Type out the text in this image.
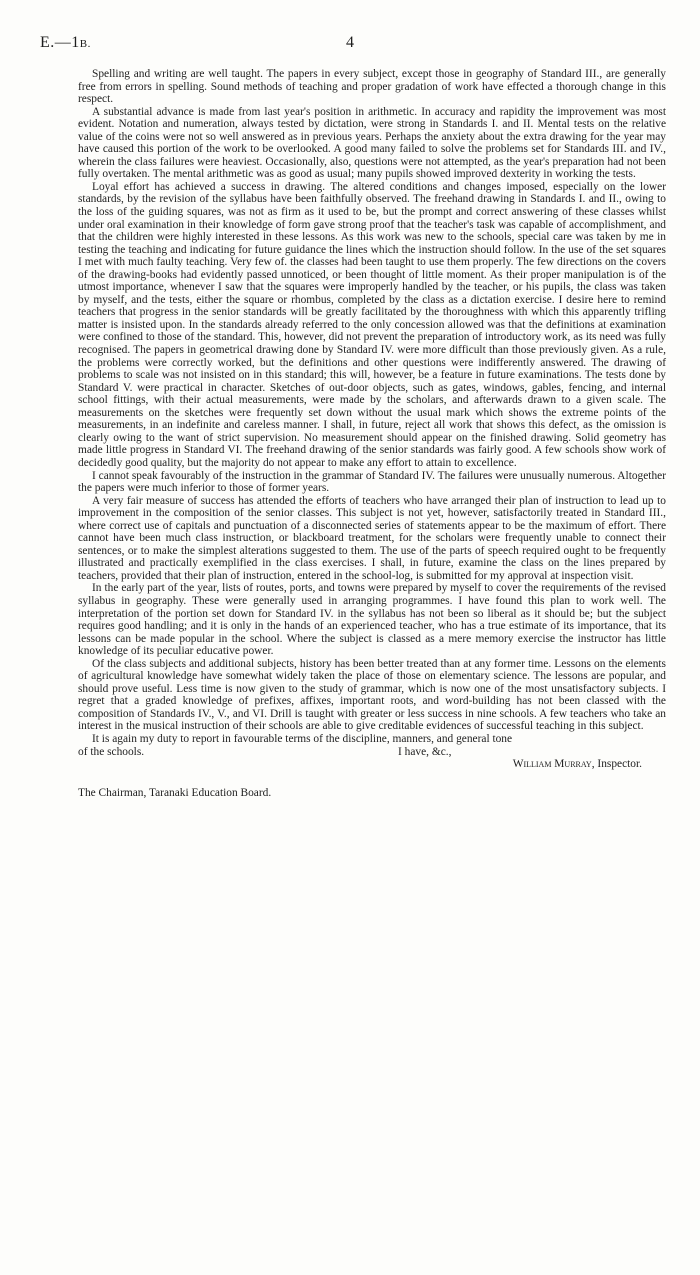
E.—1B.	4

Spelling and writing are well taught. The papers in every subject, except those in geography of Standard III., are generally free from errors in spelling. Sound methods of teaching and proper gradation of work have effected a thorough change in this respect.

A substantial advance is made from last year's position in arithmetic. In accuracy and rapidity the improvement was most evident. Notation and numeration, always tested by dictation, were strong in Standards I. and II. Mental tests on the relative value of the coins were not so well answered as in previous years. Perhaps the anxiety about the extra drawing for the year may have caused this portion of the work to be overlooked. A good many failed to solve the problems set for Standards III. and IV., wherein the class failures were heaviest. Occasionally, also, questions were not attempted, as the year's preparation had not been fully overtaken. The mental arithmetic was as good as usual; many pupils showed improved dexterity in working the tests.

Loyal effort has achieved a success in drawing. The altered conditions and changes imposed, especially on the lower standards, by the revision of the syllabus have been faithfully observed. The freehand drawing in Standards I. and II., owing to the loss of the guiding squares, was not as firm as it used to be, but the prompt and correct answering of these classes whilst under oral examination in their knowledge of form gave strong proof that the teacher's task was capable of accomplishment, and that the children were highly interested in these lessons. As this work was new to the schools, special care was taken by me in testing the teaching and indicating for future guidance the lines which the instruction should follow. In the use of the set squares I met with much faulty teaching. Very few of. the classes had been taught to use them properly. The few directions on the covers of the drawing-books had evidently passed unnoticed, or been thought of little moment. As their proper manipulation is of the utmost importance, whenever I saw that the squares were improperly handled by the teacher, or his pupils, the class was taken by myself, and the tests, either the square or rhombus, completed by the class as a dictation exercise. I desire here to remind teachers that progress in the senior standards will be greatly facilitated by the thoroughness with which this apparently trifling matter is insisted upon. In the standards already referred to the only concession allowed was that the definitions at examination were confined to those of the standard. This, however, did not prevent the preparation of introductory work, as its need was fully recognised. The papers in geometrical drawing done by Standard IV. were more difficult than those previously given. As a rule, the problems were correctly worked, but the definitions and other questions were indifferently answered. The drawing of problems to scale was not insisted on in this standard; this will, however, be a feature in future examinations. The tests done by Standard V. were practical in character. Sketches of out-door objects, such as gates, windows, gables, fencing, and internal school fittings, with their actual measurements, were made by the scholars, and afterwards drawn to a given scale. The measurements on the sketches were frequently set down without the usual mark which shows the extreme points of the measurements, in an indefinite and careless manner. I shall, in future, reject all work that shows this defect, as the omission is clearly owing to the want of strict supervision. No measurement should appear on the finished drawing. Solid geometry has made little progress in Standard VI. The freehand drawing of the senior standards was fairly good. A few schools show work of decidedly good quality, but the majority do not appear to make any effort to attain to excellence.

I cannot speak favourably of the instruction in the grammar of Standard IV. The failures were unusually numerous. Altogether the papers were much inferior to those of former years.

A very fair measure of success has attended the efforts of teachers who have arranged their plan of instruction to lead up to improvement in the composition of the senior classes. This subject is not yet, however, satisfactorily treated in Standard III., where correct use of capitals and punctuation of a disconnected series of statements appear to be the maximum of effort. There cannot have been much class instruction, or blackboard treatment, for the scholars were frequently unable to connect their sentences, or to make the simplest alterations suggested to them. The use of the parts of speech required ought to be frequently illustrated and practically exemplified in the class exercises. I shall, in future, examine the class on the lines prepared by teachers, provided that their plan of instruction, entered in the school-log, is submitted for my approval at inspection visit.

In the early part of the year, lists of routes, ports, and towns were prepared by myself to cover the requirements of the revised syllabus in geography. These were generally used in arranging programmes. I have found this plan to work well. The interpretation of the portion set down for Standard IV. in the syllabus has not been so liberal as it should be; but the subject requires good handling; and it is only in the hands of an experienced teacher, who has a true estimate of its importance, that its lessons can be made popular in the school. Where the subject is classed as a mere memory exercise the instructor has little knowledge of its peculiar educative power.

Of the class subjects and additional subjects, history has been better treated than at any former time. Lessons on the elements of agricultural knowledge have somewhat widely taken the place of those on elementary science. The lessons are popular, and should prove useful. Less time is now given to the study of grammar, which is now one of the most unsatisfactory subjects. I regret that a graded knowledge of prefixes, affixes, important roots, and word-building has not been classed with the composition of Standards IV., V., and VI. Drill is taught with greater or less success in nine schools. A few teachers who take an interest in the musical instruction of their schools are able to give creditable evidences of successful teaching in this subject.

It is again my duty to report in favourable terms of the discipline, manners, and general tone
of the schools.	I have, &c.,
William Murray, Inspector.
The Chairman, Taranaki Education Board.
